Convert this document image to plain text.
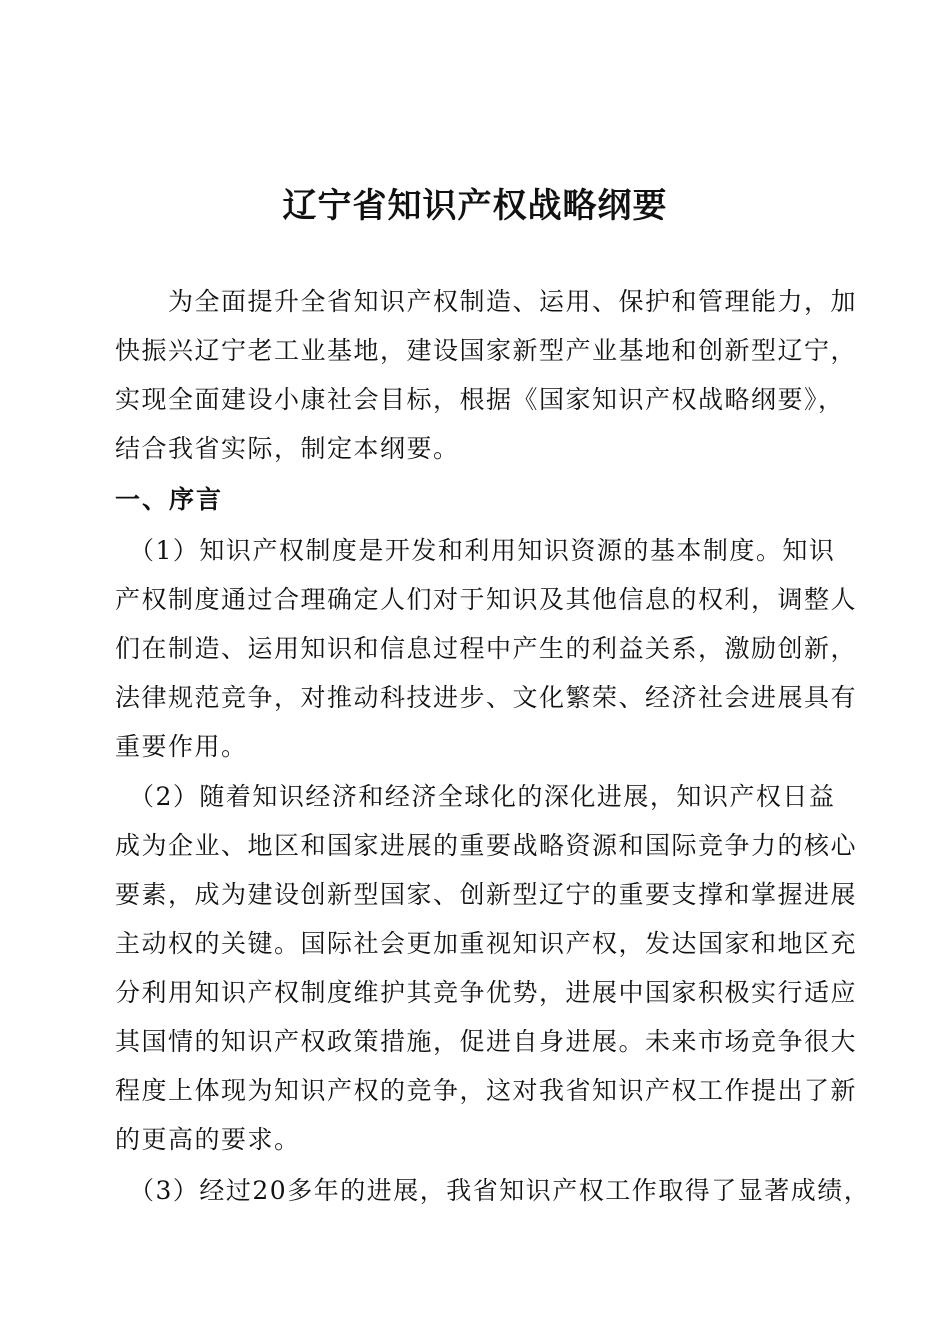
辽宁省知识产权战略纲要

　　为全面提升全省知识产权制造、运用、保护和管理能力，加
快振兴辽宁老工业基地，建设国家新型产业基地和创新型辽宁，
实现全面建设小康社会目标，根据《国家知识产权战略纲要》，
结合我省实际，制定本纲要。

一、序言

　（1）知识产权制度是开发和利用知识资源的基本制度。知识
产权制度通过合理确定人们对于知识及其他信息的权利，调整人
们在制造、运用知识和信息过程中产生的利益关系，激励创新，
法律规范竞争，对推动科技进步、文化繁荣、经济社会进展具有
重要作用。

　（2）随着知识经济和经济全球化的深化进展，知识产权日益
成为企业、地区和国家进展的重要战略资源和国际竞争力的核心
要素，成为建设创新型国家、创新型辽宁的重要支撑和掌握进展
主动权的关键。国际社会更加重视知识产权，发达国家和地区充
分利用知识产权制度维护其竞争优势，进展中国家积极实行适应
其国情的知识产权政策措施，促进自身进展。未来市场竞争很大
程度上体现为知识产权的竞争，这对我省知识产权工作提出了新
的更高的要求。

　（3）经过20多年的进展，我省知识产权工作取得了显著成绩，
